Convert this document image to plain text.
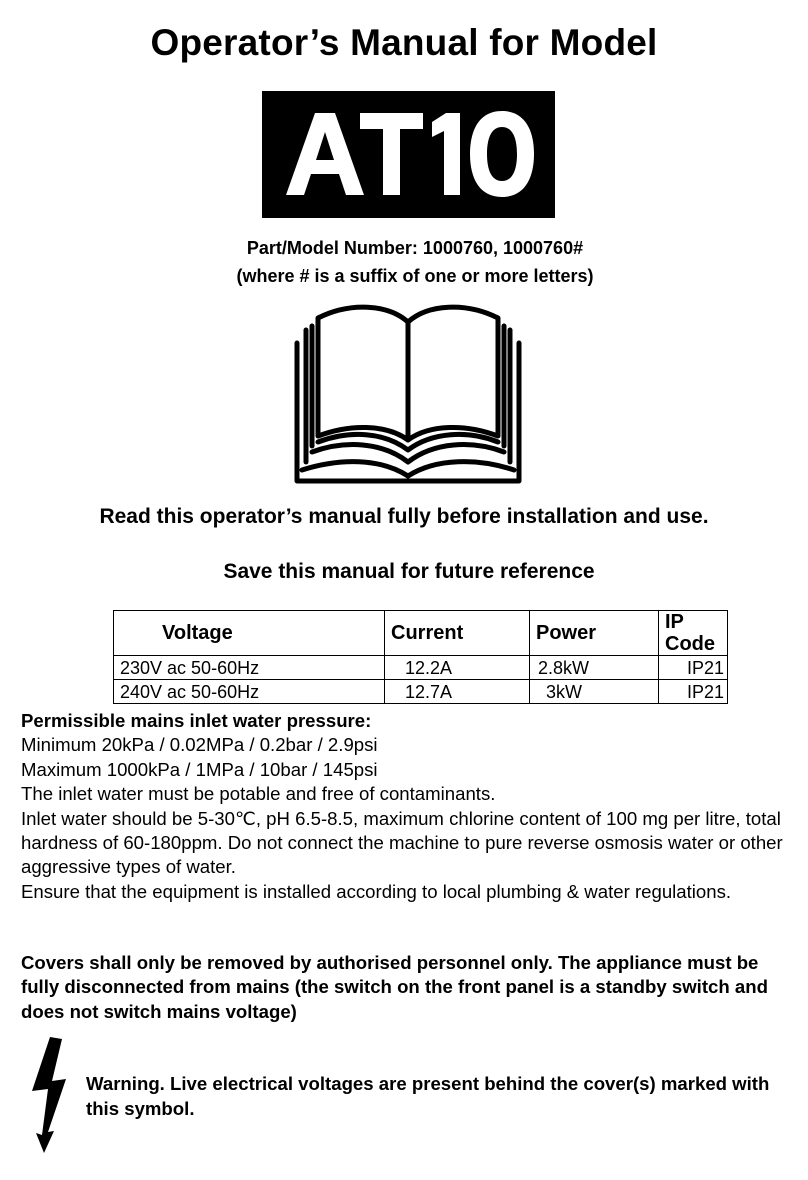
Operator’s Manual for Model
Part/Model Number: 1000760, 1000760#
(where # is a suffix of one or more letters)
Read this operator’s manual fully before installation and use.
Save this manual for future reference
Voltage	Current	Power	IP Code
230V ac 50-60Hz	12.2A	2.8kW	IP21
240V ac 50-60Hz	12.7A	3kW	IP21

Permissible mains inlet water pressure:

Minimum 20kPa / 0.02MPa / 0.2bar / 2.9psi

Maximum 1000kPa / 1MPa / 10bar / 145psi

The inlet water must be potable and free of contaminants.

Inlet water should be 5-30℃, pH 6.5-8.5, maximum chlorine content of 100 mg per litre, total hardness of 60-180ppm. Do not connect the machine to pure reverse osmosis water or other aggressive types of water.

Ensure that the equipment is installed according to local plumbing & water regulations.

Covers shall only be removed by authorised personnel only. The appliance must be fully disconnected from mains (the switch on the front panel is a standby switch and does not switch mains voltage)
Warning. Live electrical voltages are present behind the cover(s) marked with this symbol.
